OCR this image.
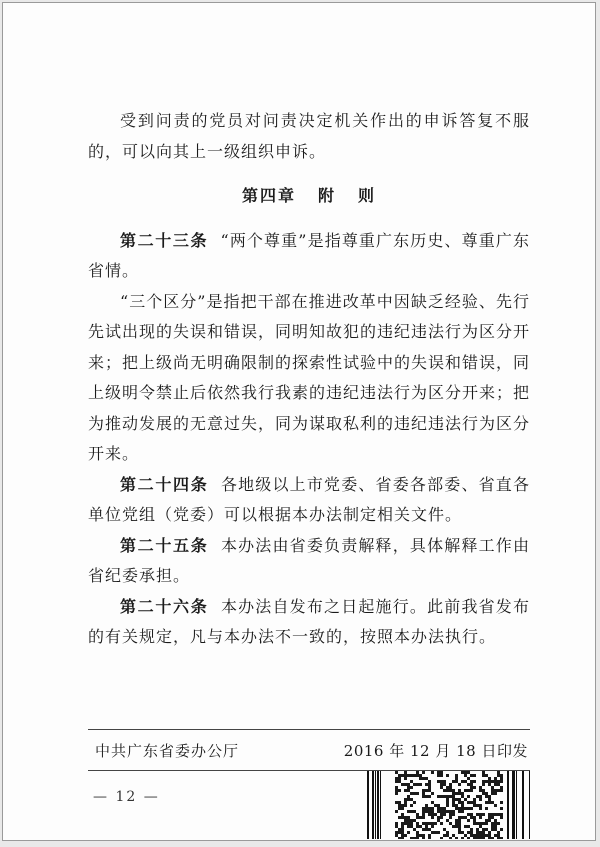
受到问责的党员对问责决定机关作出的申诉答复不服的，可以向其上一级组织申诉。

第四章 附 则

第二十三条 “两个尊重”是指尊重广东历史、尊重广东省情。

“三个区分”是指把干部在推进改革中因缺乏经验、先行先试出现的失误和错误，同明知故犯的违纪违法行为区分开来；把上级尚无明确限制的探索性试验中的失误和错误，同上级明令禁止后依然我行我素的违纪违法行为区分开来；把为推动发展的无意过失，同为谋取私利的违纪违法行为区分开来。

第二十四条 各地级以上市党委、省委各部委、省直各单位党组（党委）可以根据本办法制定相关文件。

第二十五条 本办法由省委负责解释，具体解释工作由省纪委承担。

第二十六条 本办法自发布之日起施行。此前我省发布的有关规定，凡与本办法不一致的，按照本办法执行。

中共广东省委办公厅	2016 年 12 月 18 日印发
— 12 —
